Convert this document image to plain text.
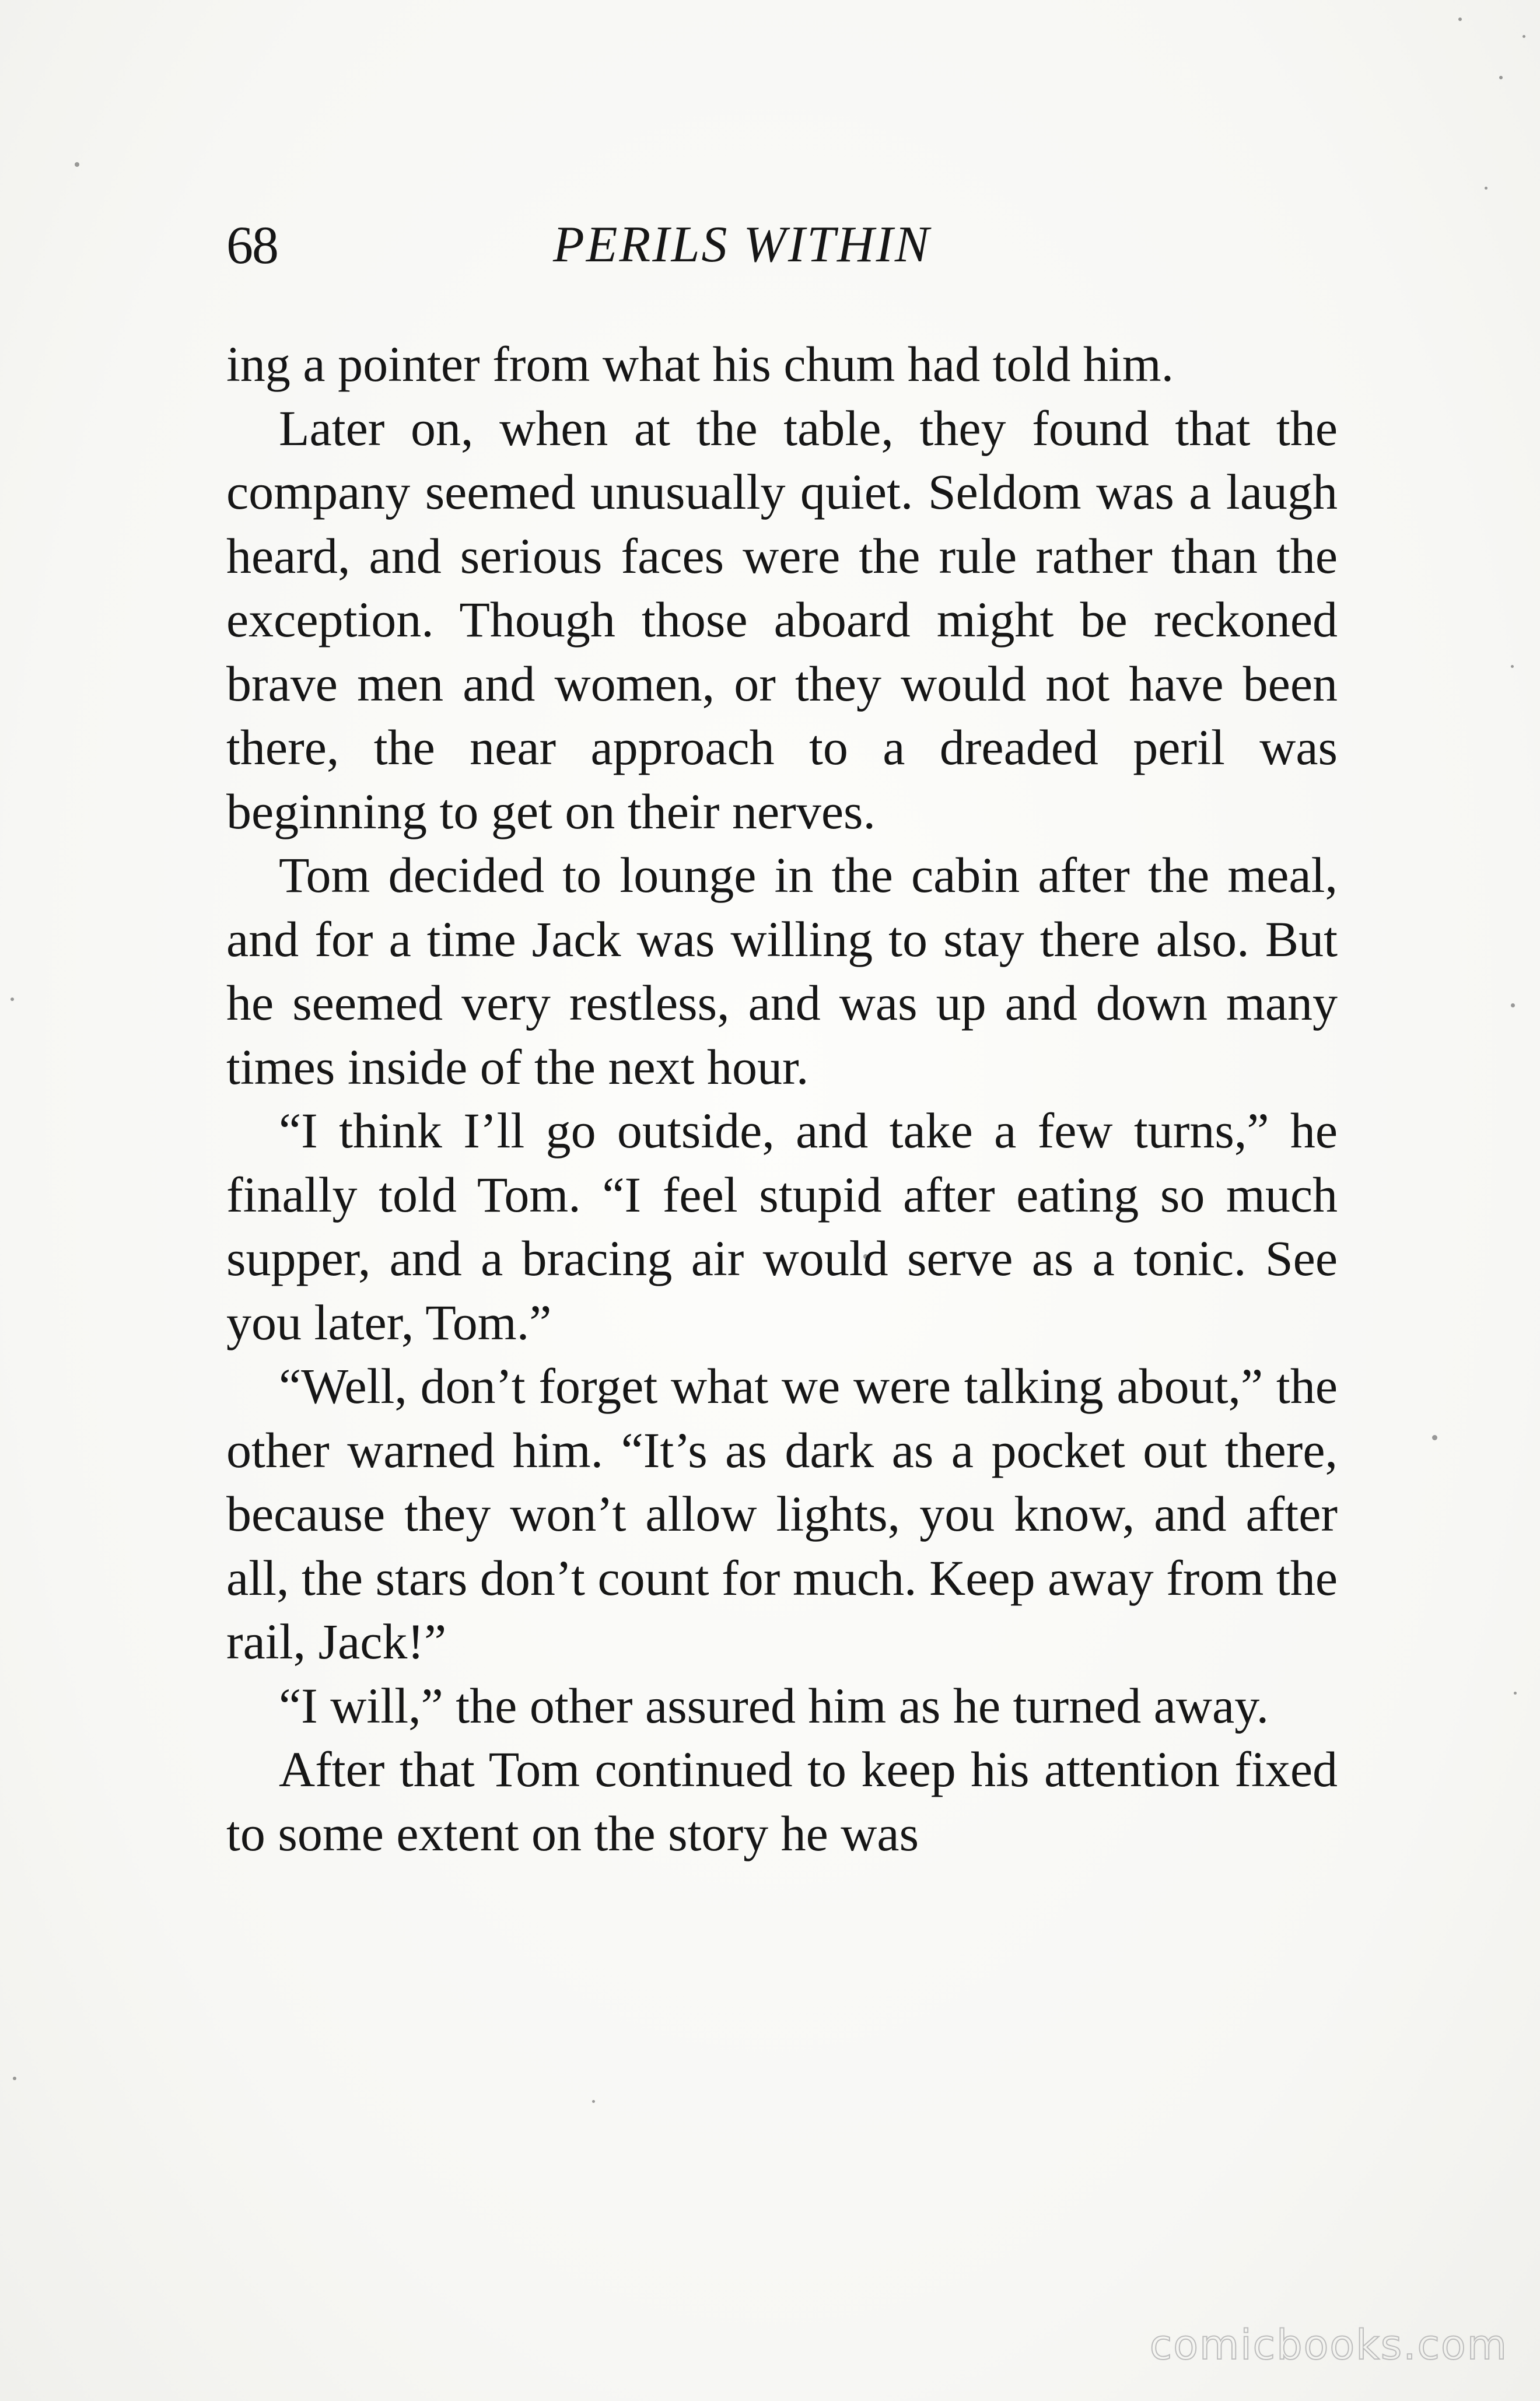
68	PERILS WITHIN

ing a pointer from what his chum had told him.

Later on, when at the table, they found that the company seemed unusually quiet. Seldom was a laugh heard, and serious faces were the rule rather than the exception. Though those aboard might be reckoned brave men and women, or they would not have been there, the near approach to a dreaded peril was beginning to get on their nerves.

Tom decided to lounge in the cabin after the meal, and for a time Jack was willing to stay there also. But he seemed very restless, and was up and down many times inside of the next hour.

“I think I’ll go outside, and take a few turns,” he finally told Tom. “I feel stupid after eating so much supper, and a bracing air would serve as a tonic. See you later, Tom.”

“Well, don’t forget what we were talking about,” the other warned him. “It’s as dark as a pocket out there, because they won’t allow lights, you know, and after all, the stars don’t count for much. Keep away from the rail, Jack!”

“I will,” the other assured him as he turned away.

After that Tom continued to keep his attention fixed to some extent on the story he was

comicbooks.com
